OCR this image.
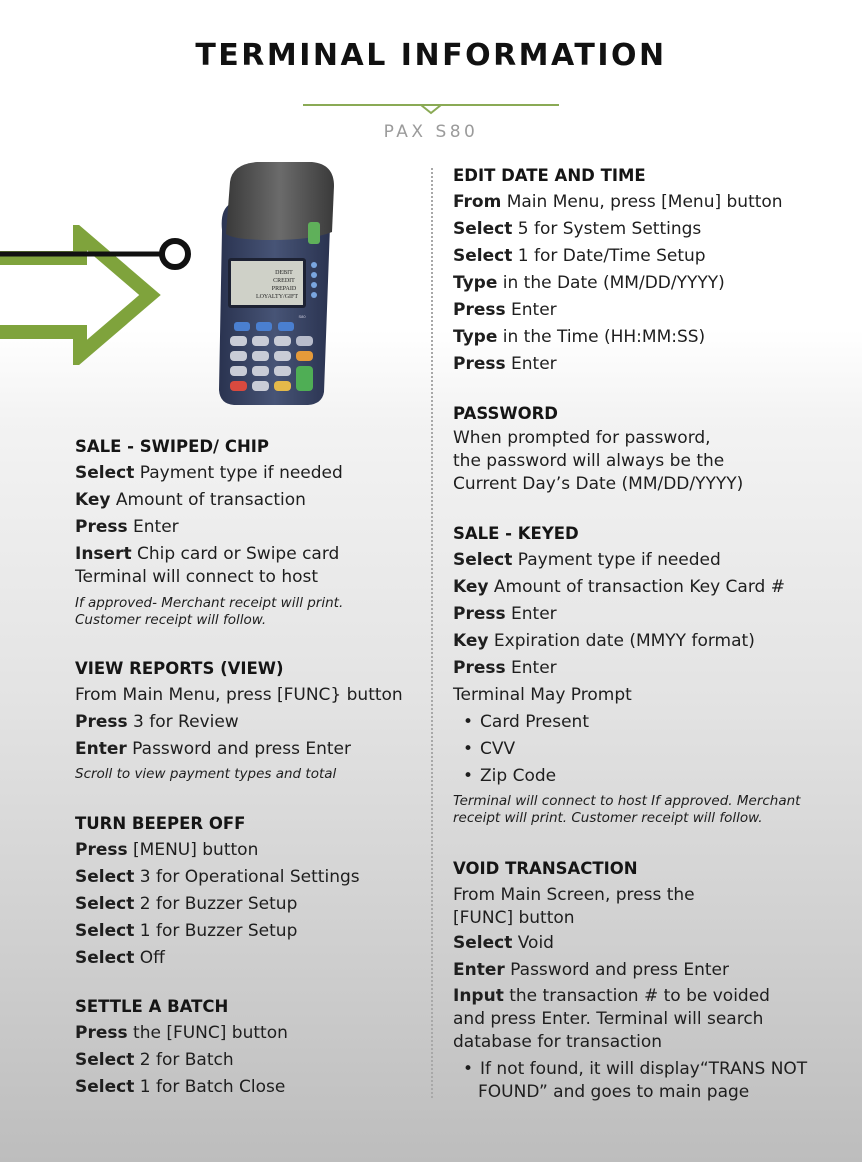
TERMINAL INFORMATION
PAX S80
DEBIT
CREDIT
PREPAID
LOYALTY/GIFT
S80
SALE - SWIPED/ CHIP
Select Payment type if needed
Key Amount of transaction
Press Enter
Insert Chip card or Swipe card
Terminal will connect to host
If approved- Merchant receipt will print.
Customer receipt will follow.
VIEW REPORTS (VIEW)
From Main Menu, press [FUNC} button
Press 3 for Review
Enter Password and press Enter
Scroll to view payment types and total
TURN BEEPER OFF
Press [MENU] button
Select 3 for Operational Settings
Select 2 for Buzzer Setup
Select 1 for Buzzer Setup
Select Off
SETTLE A BATCH
Press the [FUNC] button
Select 2 for Batch
Select 1 for Batch Close
EDIT DATE AND TIME
From Main Menu, press [Menu] button
Select 5 for System Settings
Select 1 for Date/Time Setup
Type in the Date (MM/DD/YYYY)
Press Enter
Type in the Time (HH:MM:SS)
Press Enter
PASSWORD
When prompted for password,
the password will always be the
Current Day’s Date (MM/DD/YYYY)
SALE - KEYED
Select Payment type if needed
Key Amount of transaction Key Card #
Press Enter
Key Expiration date (MMYY format)
Press Enter
Terminal May Prompt
• Card Present
• CVV
• Zip Code
Terminal will connect to host If approved. Merchant
receipt will print. Customer receipt will follow.
VOID TRANSACTION
From Main Screen, press the
[FUNC] button
Select Void
Enter Password and press Enter
Input the transaction # to be voided
and press Enter. Terminal will search
database for transaction
• If not found, it will display“TRANS NOT FOUND” and goes to main page
